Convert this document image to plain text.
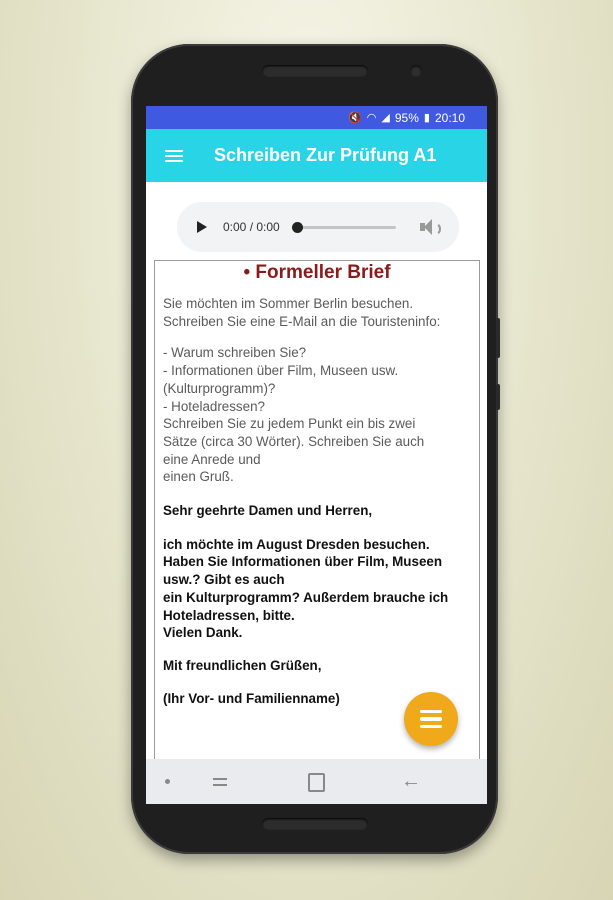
🔇 ◠ ◢ 95% ▮ 20:10
Schreiben Zur Prüfung A1
0:00 / 0:00
• Formeller Brief

Sie möchten im Sommer Berlin besuchen.

Schreiben Sie eine E-Mail an die Touristeninfo:

- Warum schreiben Sie?

- Informationen über Film, Museen usw.

(Kulturprogramm)?

- Hoteladressen?

Schreiben Sie zu jedem Punkt ein bis zwei

Sätze (circa 30 Wörter). Schreiben Sie auch

eine Anrede und

einen Gruß.

Sehr geehrte Damen und Herren,

ich möchte im August Dresden besuchen.

Haben Sie Informationen über Film, Museen

usw.? Gibt es auch

ein Kulturprogramm? Außerdem brauche ich

Hoteladressen, bitte.

Vielen Dank.

Mit freundlichen Grüßen,

(Ihr Vor- und Familienname)

←
